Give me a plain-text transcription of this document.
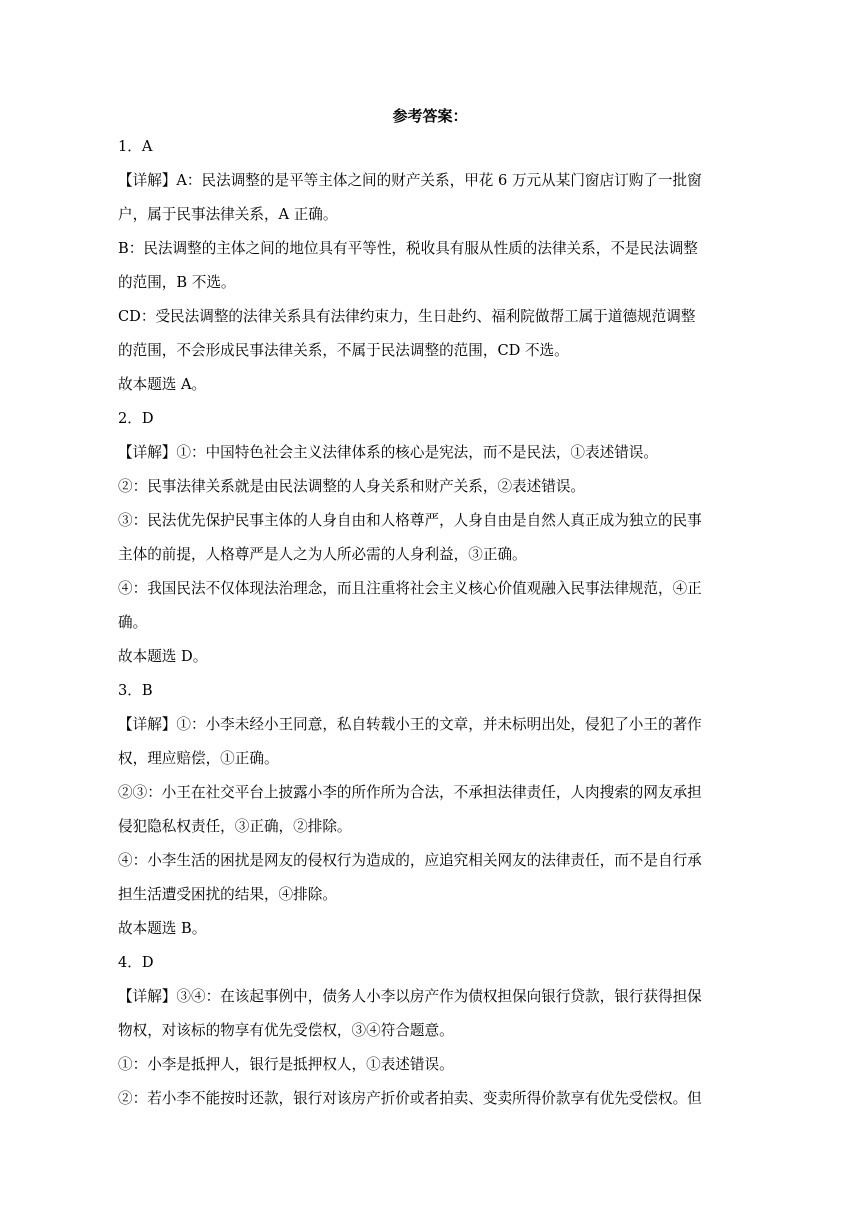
参考答案：
1．A
【详解】A：民法调整的是平等主体之间的财产关系，甲花 6 万元从某门窗店订购了一批窗
户，属于民事法律关系，A 正确。
B：民法调整的主体之间的地位具有平等性，税收具有服从性质的法律关系，不是民法调整
的范围，B 不选。
CD：受民法调整的法律关系具有法律约束力，生日赴约、福利院做帮工属于道德规范调整
的范围，不会形成民事法律关系，不属于民法调整的范围，CD 不选。
故本题选 A。
2．D
【详解】①：中国特色社会主义法律体系的核心是宪法，而不是民法，①表述错误。
②：民事法律关系就是由民法调整的人身关系和财产关系，②表述错误。
③：民法优先保护民事主体的人身自由和人格尊严，人身自由是自然人真正成为独立的民事
主体的前提，人格尊严是人之为人所必需的人身利益，③正确。
④：我国民法不仅体现法治理念，而且注重将社会主义核心价值观融入民事法律规范，④正
确。
故本题选 D。
3．B
【详解】①：小李未经小王同意，私自转载小王的文章，并未标明出处，侵犯了小王的著作
权，理应赔偿，①正确。
②③：小王在社交平台上披露小李的所作所为合法，不承担法律责任，人肉搜索的网友承担
侵犯隐私权责任，③正确，②排除。
④：小李生活的困扰是网友的侵权行为造成的，应追究相关网友的法律责任，而不是自行承
担生活遭受困扰的结果，④排除。
故本题选 B。
4．D
【详解】③④：在该起事例中，债务人小李以房产作为债权担保向银行贷款，银行获得担保
物权，对该标的物享有优先受偿权，③④符合题意。
①：小李是抵押人，银行是抵押权人，①表述错误。
②：若小李不能按时还款，银行对该房产折价或者拍卖、变卖所得价款享有优先受偿权。但
